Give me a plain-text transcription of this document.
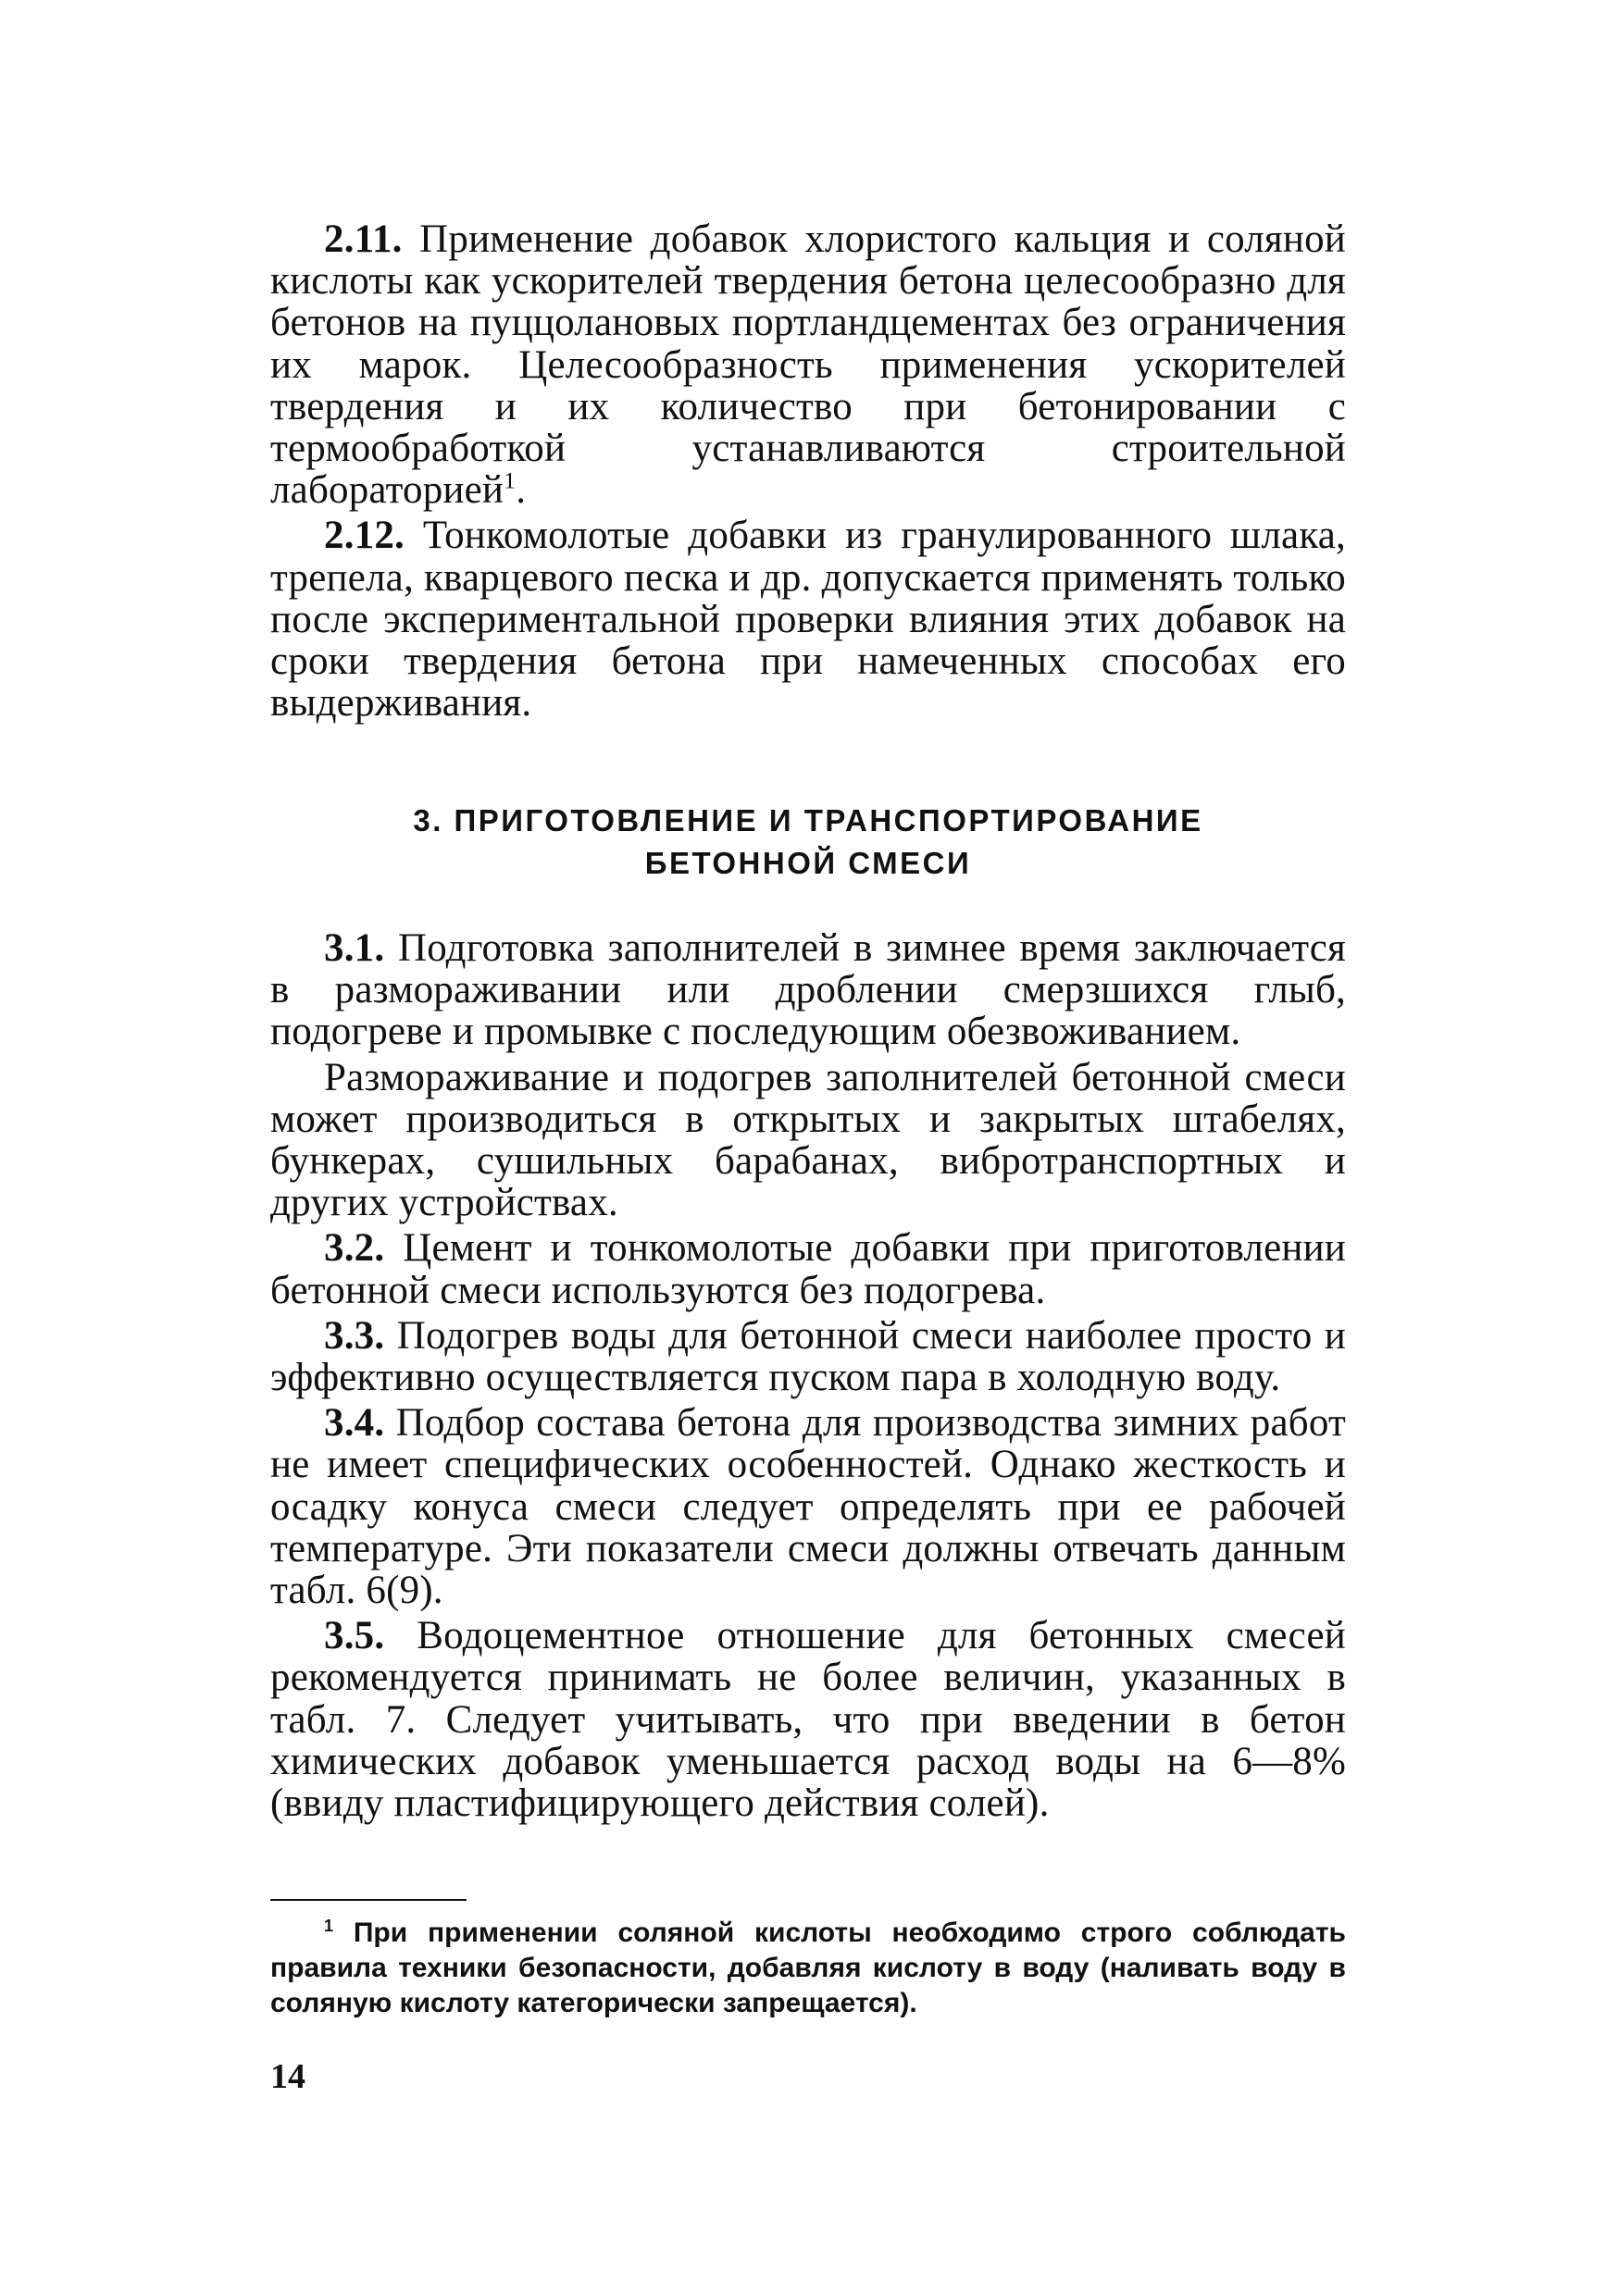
2.11. Применение добавок хлористого кальция и соляной кислоты как ускорителей твердения бетона целесообразно для бетонов на пуццолановых портландцементах без ограничения их марок. Целесообразность применения ускорителей твердения и их количество при бетонировании с термообработкой устанавливаются строительной лабораторией$^1$.

2.12. Тонкомолотые добавки из гранулированного шлака, трепела, кварцевого песка и др. допускается применять только после экспериментальной проверки влияния этих добавок на сроки твердения бетона при намеченных способах его выдерживания.

3. ПРИГОТОВЛЕНИЕ И ТРАНСПОРТИРОВАНИЕ
БЕТОННОЙ СМЕСИ

3.1. Подготовка заполнителей в зимнее время заключается в размораживании или дроблении смерзшихся глыб, подогреве и промывке с последующим обезвоживанием.

Размораживание и подогрев заполнителей бетонной смеси может производиться в открытых и закрытых штабелях, бункерах, сушильных барабанах, вибротранспортных и других устройствах.

3.2. Цемент и тонкомолотые добавки при приготовлении бетонной смеси используются без подогрева.

3.3. Подогрев воды для бетонной смеси наиболее просто и эффективно осуществляется пуском пара в холодную воду.

3.4. Подбор состава бетона для производства зимних работ не имеет специфических особенностей. Однако жесткость и осадку конуса смеси следует определять при ее рабочей температуре. Эти показатели смеси должны отвечать данным табл. 6(9).

3.5. Водоцементное отношение для бетонных смесей рекомендуется принимать не более величин, указанных в табл. 7. Следует учитывать, что при введении в бетон химических добавок уменьшается расход воды на 6—8% (ввиду пластифицирующего действия солей).

$^1$ При применении соляной кислоты необходимо строго соблюдать правила техники безопасности, добавляя кислоту в воду (наливать воду в соляную кислоту категорически запрещается).

14
